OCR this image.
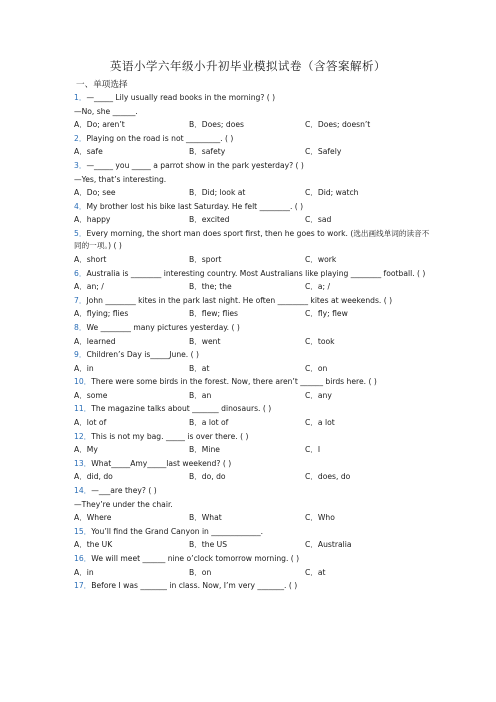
英语小学六年级小升初毕业模拟试卷（含答案解析）
一、单项选择
1．—_____ Lily usually read books in the morning? ( )
—No, she ______.
A．Do; aren’t	B．Does; does	C．Does; doesn’t
2．Playing on the road is not _________. ( )
A．safe	B．safety	C．Safely
3．—_____ you _____ a parrot show in the park yesterday? ( )
—Yes, that’s interesting.
A．Do; see	B．Did; look at	C．Did; watch
4．My brother lost his bike last Saturday. He felt ________. ( )
A．happy	B．excited	C．sad
5．Every morning, the short man does sport first, then he goes to work. (选出画线单词的读音不同的一项。) ( )
A．short	B．sport	C．work
6．Australia is ________ interesting country. Most Australians like playing ________ football. ( )
A．an; /	B．the; the	C．a; /
7．John ________ kites in the park last night. He often ________ kites at weekends. ( )
A．flying; flies	B．flew; flies	C．fly; flew
8．We ________ many pictures yesterday. ( )
A．learned	B．went	C．took
9．Children’s Day is_____June. ( )
A．in	B．at	C．on
10．There were some birds in the forest. Now, there aren’t ______ birds here. ( )
A．some	B．an	C．any
11．The magazine talks about _______ dinosaurs. ( )
A．lot of	B．a lot of	C．a lot
12．This is not my bag. _____ is over there. ( )
A．My	B．Mine	C．I
13．What_____Amy_____last weekend? ( )
A．did, do	B．do, do	C．does, do
14．—___are they? ( )
—They’re under the chair.
A．Where	B．What	C．Who
15．You’ll find the Grand Canyon in _____________.
A．the UK	B．the US	C．Australia
16．We will meet ______ nine o’clock tomorrow morning. ( )
A．in	B．on	C．at
17．Before I was _______ in class. Now, I’m very _______. ( )
